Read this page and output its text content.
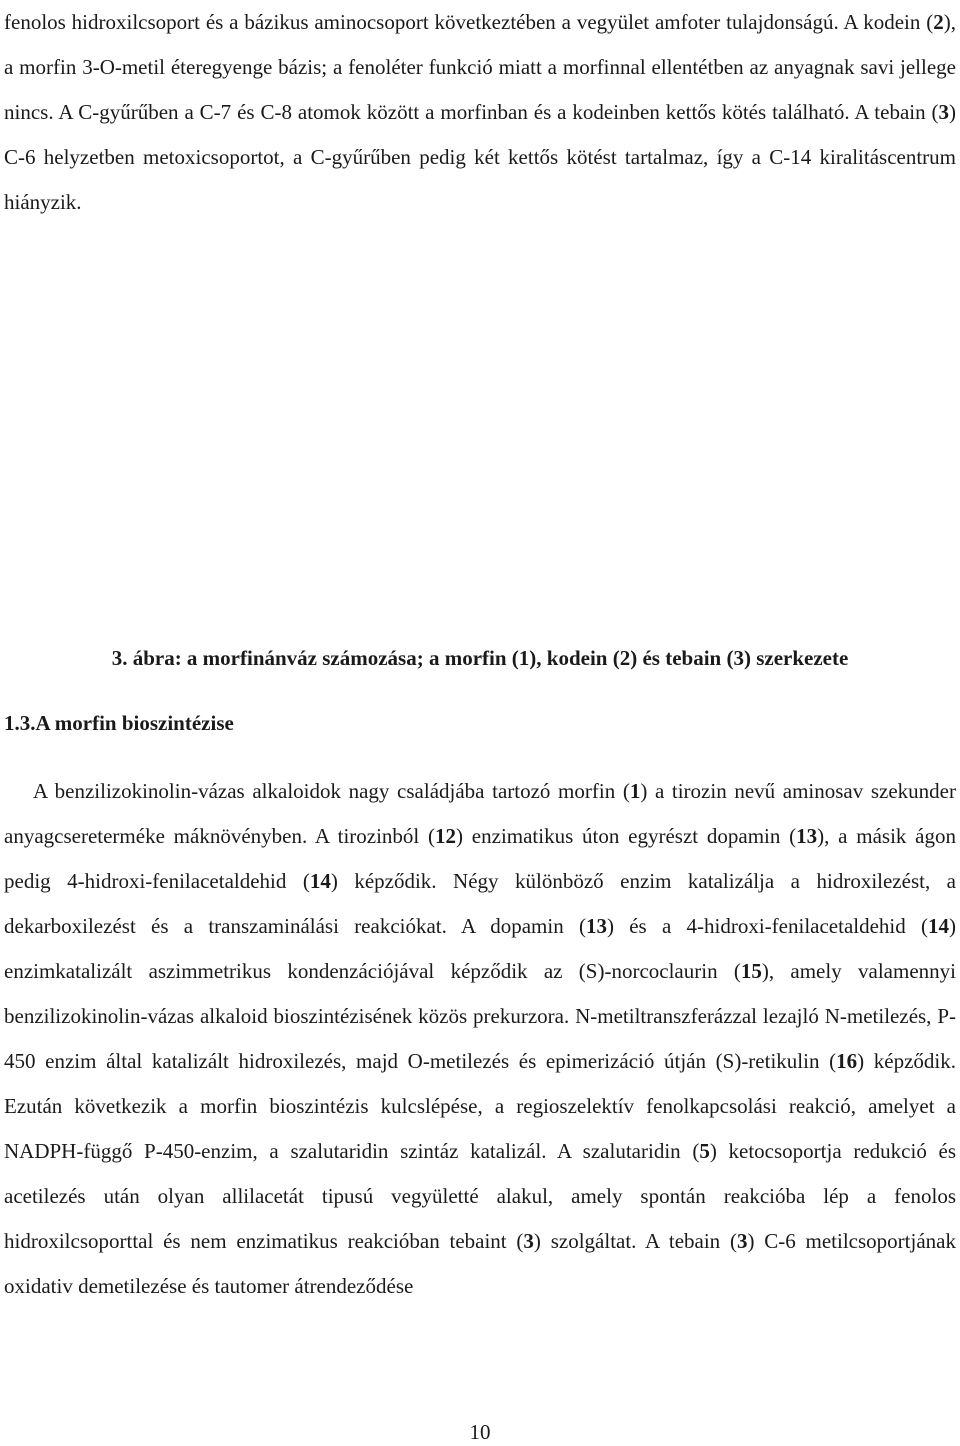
fenolos hidroxilcsoport és a bázikus aminocsoport következtében a vegyület amfoter tulajdonságú. A kodein (2), a morfin 3-O-metil éteregyenge bázis; a fenoléter funkció miatt a morfinnal ellentétben az anyagnak savi jellege nincs. A C-gyűrűben a C-7 és C-8 atomok között a morfinban és a kodeinben kettős kötés található. A tebain (3) C-6 helyzetben metoxicsoportot, a C-gyűrűben pedig két kettős kötést tartalmaz, így a C-14 kiralitáscentrum hiányzik.
3. ábra: a morfinánváz számozása; a morfin (1), kodein (2) és tebain (3) szerkezete
1.3.A morfin bioszintézise
A benzilizokinolin-vázas alkaloidok nagy családjába tartozó morfin (1) a tirozin nevű aminosav szekunder anyagcseretermékе máknövényben. A tirozinból (12) enzimatikus úton egyrészt dopamin (13), a másik ágon pedig 4-hidroxi-fenilacetaldehid (14) képződik. Négy különböző enzim katalizálja a hidroxilezést, a dekarboxilezést és a transzaminálási reakciókat. A dopamin (13) és a 4-hidroxi-fenilacetaldehid (14) enzimkatalizált aszimmetrikus kondenzációjával képződik az (S)-norcoclaurin (15), amely valamennyi benzilizokinolin-vázas alkaloid bioszintézisének közös prekurzora. N-metiltranszferázzal lezajló N-metilezés, P-450 enzim által katalizált hidroxilezés, majd O-metilezés és epimerizáció útján (S)-retikulin (16) képződik. Ezután következik a morfin bioszintézis kulcslépése, a regioszelektív fenolkapcsolási reakció, amelyet a NADPH-függő P-450-enzim, a szalutaridin szintáz katalizál. A szalutaridin (5) ketocsoportja redukció és acetilezés után olyan allilacetát tipusú vegyületté alakul, amely spontán reakcióba lép a fenolos hidroxilcsoporttal és nem enzimatikus reakcióban tebaint (3) szolgáltat. A tebain (3) C-6 metilcsoportjának oxidativ demetilezése és tautomer átrendeződése
10
